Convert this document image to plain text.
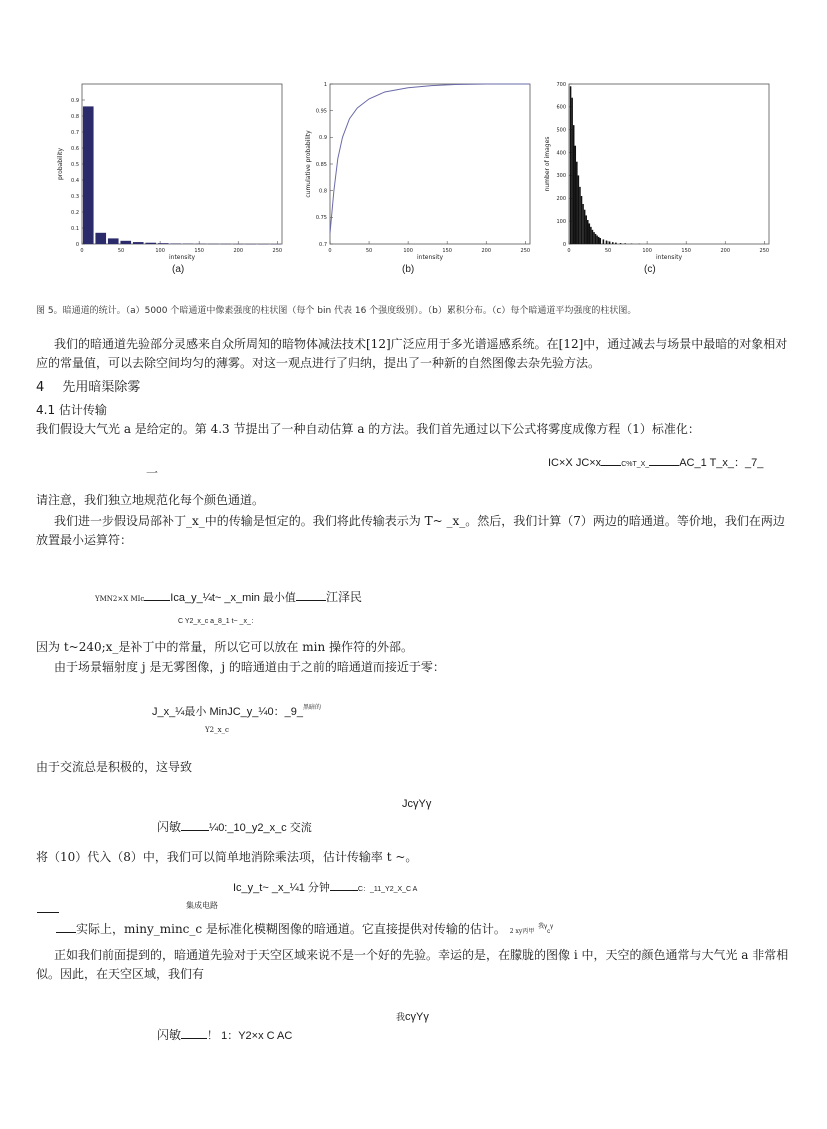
0
0.1
0.2
0.3
0.4
0.5
0.6
0.7
0.8
0.9
0	50	100	150	200	250
intensity
probability
(a)
0.7
0.75
0.8
0.85
0.9
0.95
1
0	50	100	150	200	250
intensity
cumulative probability
(b)
0
100
200
300
400
500
600
700
0	50	100	150	200	250
intensity
number of images
(c)
图 5。暗通道的统计。（a）5000 个暗通道中像素强度的柱状图（每个 bin 代表 16 个强度级别）。（b）累积分布。（c）每个暗通道平均强度的柱状图。
我们的暗通道先验部分灵感来自众所周知的暗物体减法技术[12]广泛应用于多光谱遥感系统。在[12]中，通过减去与场景中最暗的对象相对应的常量值，可以去除空间均匀的薄雾。对这一观点进行了归纳，提出了一种新的自然图像去杂先验方法。
4 先用暗渠除雾
4.1 估计传输
我们假设大气光 a 是给定的。第 4.3 节提出了一种自动估算 a 的方法。我们首先通过以下公式将雾度成像方程（1）标准化：
IC×X JC×x	C%T_X_	AC_1 T_x_：_7_
一
请注意，我们独立地规范化每个颜色通道。
我们进一步假设局部补丁_x_中的传输是恒定的。我们将此传输表示为 T~ _x_。然后，我们计算（7）两边的暗通道。等价地，我们在两边放置最小运算符：
YMN2×X MIc Ica_y_¼t~ _x_min 最小值	江泽民
C Y2_x_c a_8_1 t~ _x_：
因为 t~240;x_是补丁中的常量，所以它可以放在 min 操作符的外部。
由于场景辐射度 j 是无雾图像，j 的暗通道由于之前的暗通道而接近于零：
J_x_¼最小 MinJC_y_¼0：_9_$^{黑暗的}$
Y2_x_c
由于交流总是积极的，这导致
JcγYγ
闪敏	¼0:_10_y2_x_c 交流
将（10）代入（8）中，我们可以简单地消除乘法项，估计传输率 t ~。
Ic_y_t~ _x_¼1 分钟	C：_11_Y2_X_C A
集成电路
实际上，miny_minc_c 是标准化模糊图像的暗通道。它直接提供对传输的估计。 2 xy丙甲 $^{我\gamma}c^\gamma$
正如我们前面提到的，暗通道先验对于天空区域来说不是一个好的先验。幸运的是，在朦胧的图像 i 中，天空的颜色通常与大气光 a 非常相似。因此，在天空区域，我们有
我cγYγ
闪敏 ！ 1：Y2×x C AC
